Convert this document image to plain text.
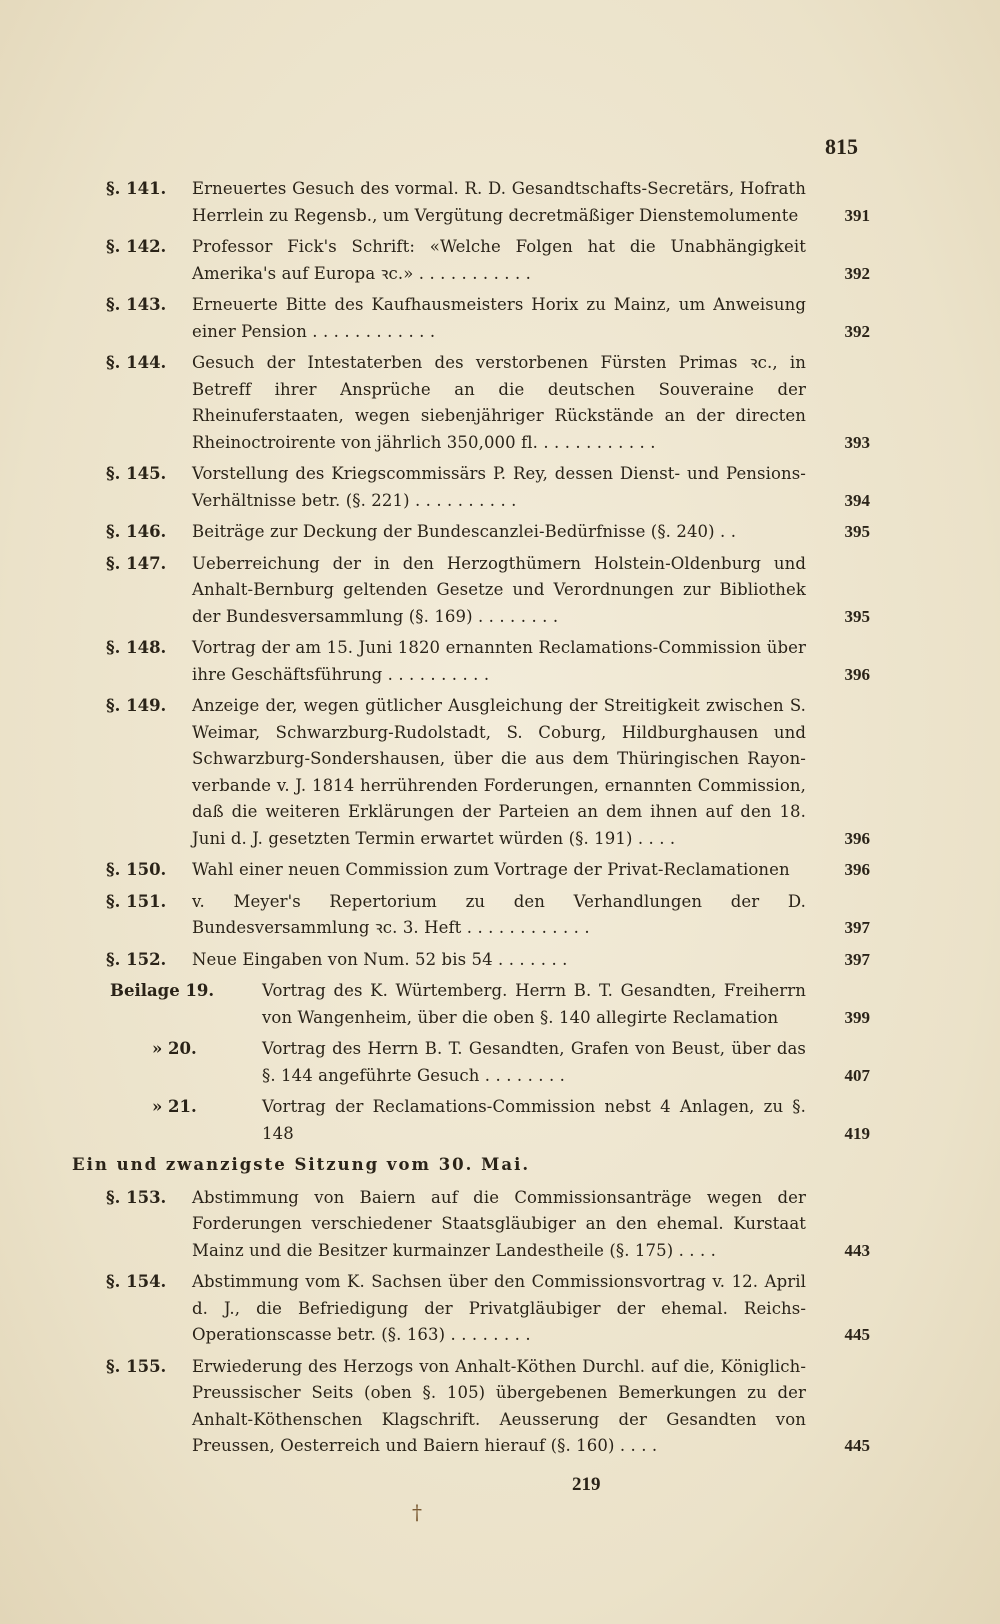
815
§. 141.	Erneuertes Gesuch des vormal. R. D. Gesandtschafts-Secretärs, Hofrath Herrlein zu Regensb., um Vergütung decretmäßiger Dienstemolumente	391
§. 142.	Professor Fick's Schrift: «Welche Folgen hat die Unabhängigkeit Amerika's auf Europa ꝛc.» . . . . . . . . . . .	392
§. 143.	Erneuerte Bitte des Kaufhausmeisters Horix zu Mainz, um Anweisung einer Pension . . . . . . . . . . . .	392
§. 144.	Gesuch der Intestaterben des verstorbenen Fürsten Primas ꝛc., in Betreff ihrer Ansprüche an die deutschen Souveraine der Rheinuferstaaten, wegen siebenjähriger Rückstände an der directen Rheinoctroirente von jährlich 350,000 fl. . . . . . . . . . . .	393
§. 145.	Vorstellung des Kriegscommissärs P. Rey, dessen Dienst- und Pensions-Verhältnisse betr. (§. 221) . . . . . . . . . .	394
§. 146.	Beiträge zur Deckung der Bundescanzlei-Bedürfnisse (§. 240) . .	395
§. 147.	Ueberreichung der in den Herzogthümern Holstein-Oldenburg und Anhalt-Bernburg geltenden Gesetze und Verordnungen zur Bibliothek der Bundesversammlung (§. 169) . . . . . . . .	395
§. 148.	Vortrag der am 15. Juni 1820 ernannten Reclamations-Commission über ihre Geschäftsführung . . . . . . . . . .	396
§. 149.	Anzeige der, wegen gütlicher Ausgleichung der Streitigkeit zwischen S. Weimar, Schwarzburg-Rudolstadt, S. Coburg, Hildburghausen und Schwarzburg-Sondershausen, über die aus dem Thüringischen Rayon-verbande v. J. 1814 herrührenden Forderungen, ernannten Commission, daß die weiteren Erklärungen der Parteien an dem ihnen auf den 18. Juni d. J. gesetzten Termin erwartet würden (§. 191) . . . .	396
§. 150.	Wahl einer neuen Commission zum Vortrage der Privat-Reclamationen	396
§. 151.	v. Meyer's Repertorium zu den Verhandlungen der D. Bundesversammlung ꝛc. 3. Heft . . . . . . . . . . . .	397
§. 152.	Neue Eingaben von Num. 52 bis 54 . . . . . . .	397
Beilage 19.	Vortrag des K. Würtemberg. Herrn B. T. Gesandten, Freiherrn von Wangenheim, über die oben §. 140 allegirte Reclamation	399
» 20.	Vortrag des Herrn B. T. Gesandten, Grafen von Beust, über das §. 144 angeführte Gesuch . . . . . . . .	407
» 21.	Vortrag der Reclamations-Commission nebst 4 Anlagen, zu §. 148	419
Ein und zwanzigste Sitzung vom 30. Mai.
§. 153.	Abstimmung von Baiern auf die Commissionsanträge wegen der Forderungen verschiedener Staatsgläubiger an den ehemal. Kurstaat Mainz und die Besitzer kurmainzer Landestheile (§. 175) . . . .	443
§. 154.	Abstimmung vom K. Sachsen über den Commissionsvortrag v. 12. April d. J., die Befriedigung der Privatgläubiger der ehemal. Reichs-Operationscasse betr. (§. 163) . . . . . . . .	445
§. 155.	Erwiederung des Herzogs von Anhalt-Köthen Durchl. auf die, Königlich-Preussischer Seits (oben §. 105) übergebenen Bemerkungen zu der Anhalt-Köthenschen Klagschrift. Aeusserung der Gesandten von Preussen, Oesterreich und Baiern hierauf (§. 160) . . . .	445
219
†
